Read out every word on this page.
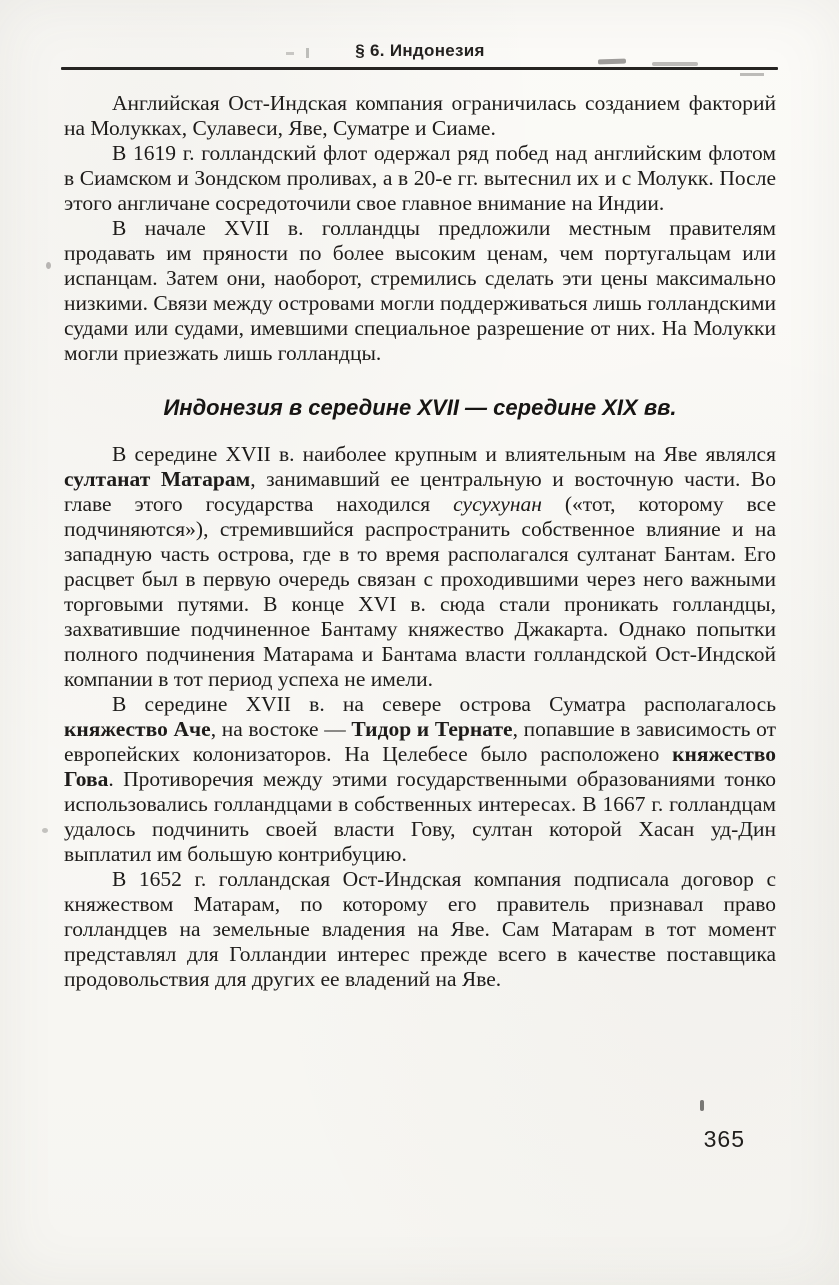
§ 6. Индонезия

Английская Ост-Индская компания ограничилась созданием факторий на Молукках, Сулавеси, Яве, Суматре и Сиаме.

В 1619 г. голландский флот одержал ряд побед над английским флотом в Сиамском и Зондском проливах, а в 20-е гг. вытеснил их и с Молукк. После этого англичане сосредоточили свое главное внимание на Индии.

В начале XVII в. голландцы предложили местным правителям продавать им пряности по более высоким ценам, чем португальцам или испанцам. Затем они, наоборот, стремились сделать эти цены максимально низкими. Связи между островами могли поддерживаться лишь голландскими судами или судами, имевшими специальное разрешение от них. На Молукки могли приезжать лишь голландцы.

Индонезия в середине XVII — середине XIX вв.

В середине XVII в. наиболее крупным и влиятельным на Яве являлся султанат Матарам, занимавший ее центральную и восточную части. Во главе этого государства находился сусухунан («тот, которому все подчиняются»), стремившийся распространить собственное влияние и на западную часть острова, где в то время располагался султанат Бантам. Его расцвет был в первую очередь связан с проходившими через него важными торговыми путями. В конце XVI в. сюда стали проникать голландцы, захватившие подчиненное Бантаму княжество Джакарта. Однако попытки полного подчинения Матарама и Бантама власти голландской Ост-Индской компании в тот период успеха не имели.

В середине XVII в. на севере острова Суматра располагалось княжество Аче, на востоке — Тидор и Тернате, попавшие в зависимость от европейских колонизаторов. На Целебесе было расположено княжество Гова. Противоречия между этими государственными образованиями тонко использовались голландцами в собственных интересах. В 1667 г. голландцам удалось подчинить своей власти Гову, султан которой Хасан уд-Дин выплатил им большую контрибуцию.

В 1652 г. голландская Ост-Индская компания подписала договор с княжеством Матарам, по которому его правитель признавал право голландцев на земельные владения на Яве. Сам Матарам в тот момент представлял для Голландии интерес прежде всего в качестве поставщика продовольствия для других ее владений на Яве.

365
